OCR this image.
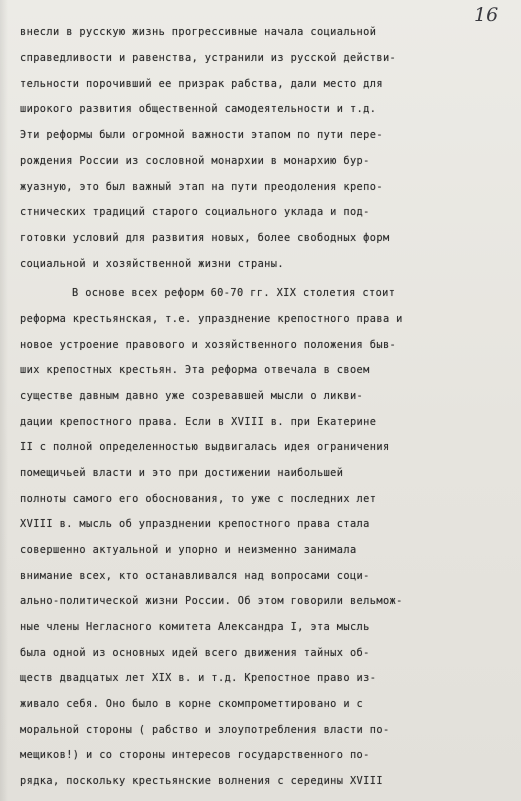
16
внесли в русскую жизнь прогрессивные начала социальной
справедливости и равенства, устранили из русской действи-
тельности порочивший ее призрак рабства, дали место для
широкого развития общественной самодеятельности и т.д.
Эти реформы были огромной важности этапом по пути пере-
рождения России из сословной монархии в монархию бур-
жуазную, это был важный этап на пути преодоления крепо-
стнических традиций старого социального уклада и под-
готовки условий для развития новых, более свободных форм
социальной и хозяйственной жизни страны.
В основе всех реформ 60-70 гг. XIX столетия стоит
реформа крестьянская, т.е. упразднение крепостного права и
новое устроение правового и хозяйственного положения быв-
ших крепостных крестьян. Эта реформа отвечала в своем
существе давным давно уже созревавшей мысли о ликви-
дации крепостного права. Если в XVIII в. при Екатерине
II с полной определенностью выдвигалась идея ограничения
помещичьей власти и это при достижении наибольшей
полноты самого его обоснования, то уже с последних лет
XVIII в. мысль об упразднении крепостного права стала
совершенно актуальной и упорно и неизменно занимала
внимание всех, кто останавливался над вопросами соци-
ально-политической жизни России. Об этом говорили вельмож-
ные члены Негласного комитета Александра I, эта мысль
была одной из основных идей всего движения тайных об-
ществ двадцатых лет XIX в. и т.д. Крепостное право из-
живало себя. Оно было в корне скомпрометтировано и с
моральной стороны ( рабство и злоупотребления власти по-
мещиков!) и со стороны интересов государственного по-
рядка, поскольку крестьянские волнения с середины XVIII
